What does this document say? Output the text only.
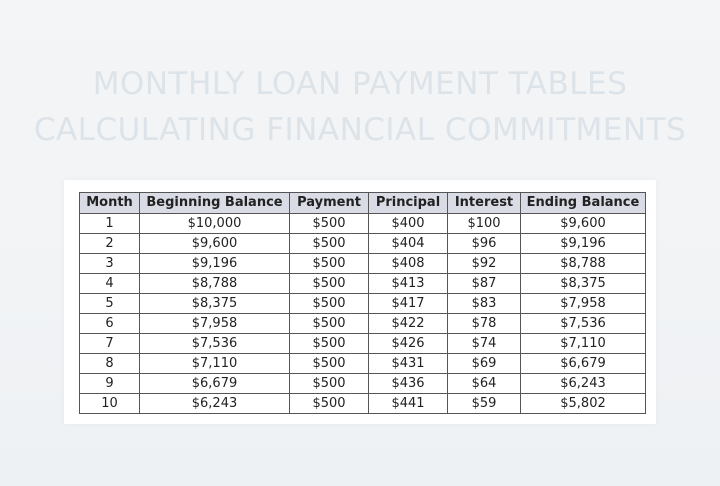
MONTHLY LOAN PAYMENT TABLES
CALCULATING FINANCIAL COMMITMENTS
Month	Beginning Balance	Payment	Principal	Interest	Ending Balance
1	$10,000	$500	$400	$100	$9,600
2	$9,600	$500	$404	$96	$9,196
3	$9,196	$500	$408	$92	$8,788
4	$8,788	$500	$413	$87	$8,375
5	$8,375	$500	$417	$83	$7,958
6	$7,958	$500	$422	$78	$7,536
7	$7,536	$500	$426	$74	$7,110
8	$7,110	$500	$431	$69	$6,679
9	$6,679	$500	$436	$64	$6,243
10	$6,243	$500	$441	$59	$5,802
